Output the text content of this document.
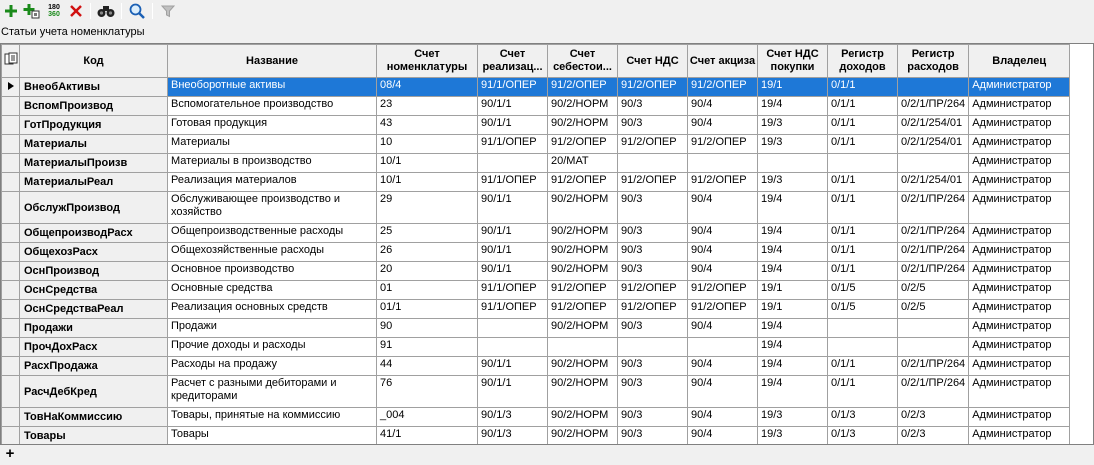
180
360
Статьи учета номенклатуры
	Код	Название	Счет номенклатуры	Счет реализац...	Счет себестои...	Счет НДС	Счет акциза	Счет НДС покупки	Регистр доходов	Регистр расходов	Владелец
	ВнеобАктивы	Внеоборотные активы	08/4	91/1/ОПЕР	91/2/ОПЕР	91/2/ОПЕР	91/2/ОПЕР	19/1	0/1/1		Администратор
	ВспомПроизвод	Вспомогательное производство	23	90/1/1	90/2/НОРМ	90/3	90/4	19/4	0/1/1	0/2/1/ПР/264	Администратор
	ГотПродукция	Готовая продукция	43	90/1/1	90/2/НОРМ	90/3	90/4	19/3	0/1/1	0/2/1/254/01	Администратор
	Материалы	Материалы	10	91/1/ОПЕР	91/2/ОПЕР	91/2/ОПЕР	91/2/ОПЕР	19/3	0/1/1	0/2/1/254/01	Администратор
	МатериалыПроизв	Материалы в производство	10/1		20/МАТ						Администратор
	МатериалыРеал	Реализация материалов	10/1	91/1/ОПЕР	91/2/ОПЕР	91/2/ОПЕР	91/2/ОПЕР	19/3	0/1/1	0/2/1/254/01	Администратор
	ОбслужПроизвод	Обслуживающее производство и хозяйство	29	90/1/1	90/2/НОРМ	90/3	90/4	19/4	0/1/1	0/2/1/ПР/264	Администратор
	ОбщепроизводРасх	Общепроизводственные расходы	25	90/1/1	90/2/НОРМ	90/3	90/4	19/4	0/1/1	0/2/1/ПР/264	Администратор
	ОбщехозРасх	Общехозяйственные расходы	26	90/1/1	90/2/НОРМ	90/3	90/4	19/4	0/1/1	0/2/1/ПР/264	Администратор
	ОснПроизвод	Основное производство	20	90/1/1	90/2/НОРМ	90/3	90/4	19/4	0/1/1	0/2/1/ПР/264	Администратор
	ОснСредства	Основные средства	01	91/1/ОПЕР	91/2/ОПЕР	91/2/ОПЕР	91/2/ОПЕР	19/1	0/1/5	0/2/5	Администратор
	ОснСредстваРеал	Реализация основных средств	01/1	91/1/ОПЕР	91/2/ОПЕР	91/2/ОПЕР	91/2/ОПЕР	19/1	0/1/5	0/2/5	Администратор
	Продажи	Продажи	90		90/2/НОРМ	90/3	90/4	19/4			Администратор
	ПрочДохРасх	Прочие доходы и расходы	91					19/4			Администратор
	РасхПродажа	Расходы на продажу	44	90/1/1	90/2/НОРМ	90/3	90/4	19/4	0/1/1	0/2/1/ПР/264	Администратор
	РасчДебКред	Расчет с разными дебиторами и кредиторами	76	90/1/1	90/2/НОРМ	90/3	90/4	19/4	0/1/1	0/2/1/ПР/264	Администратор
	ТовНаКоммиссию	Товары, принятые на коммиссию	_004	90/1/3	90/2/НОРМ	90/3	90/4	19/3	0/1/3	0/2/3	Администратор
	Товары	Товары	41/1	90/1/3	90/2/НОРМ	90/3	90/4	19/3	0/1/3	0/2/3	Администратор
+
